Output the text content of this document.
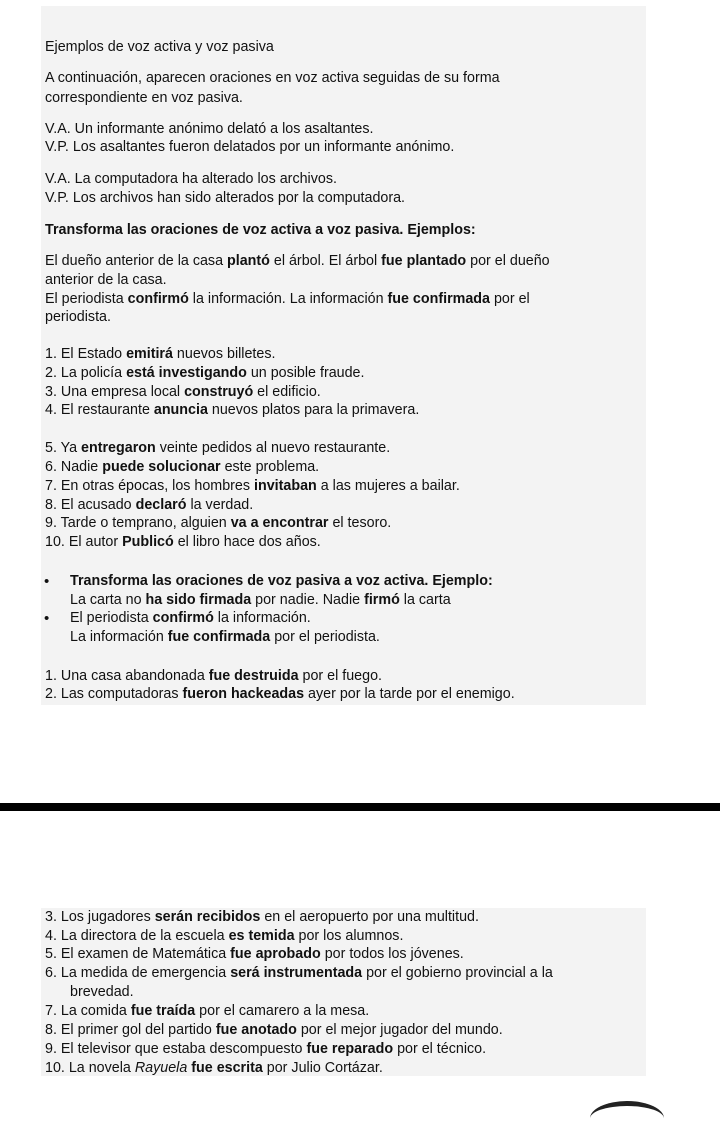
Ejemplos de voz activa y voz pasiva
A continuación, aparecen oraciones en voz activa seguidas de su forma
correspondiente en voz pasiva.
V.A. Un informante anónimo delató a los asaltantes.
V.P. Los asaltantes fueron delatados por un informante anónimo.
V.A. La computadora ha alterado los archivos.
V.P. Los archivos han sido alterados por la computadora.
Transforma las oraciones de voz activa a voz pasiva. Ejemplos:
El dueño anterior de la casa plantó el árbol. El árbol fue plantado por el dueño
anterior de la casa.
El periodista confirmó la información. La información fue confirmada por el
periodista.
1. El Estado emitirá nuevos billetes.
2. La policía está investigando un posible fraude.
3. Una empresa local construyó el edificio.
4. El restaurante anuncia nuevos platos para la primavera.
5. Ya entregaron veinte pedidos al nuevo restaurante.
6. Nadie puede solucionar este problema.
7. En otras épocas, los hombres invitaban a las mujeres a bailar.
8. El acusado declaró la verdad.
9. Tarde o temprano, alguien va a encontrar el tesoro.
10. El autor Publicó el libro hace dos años.
Transforma las oraciones de voz pasiva a voz activa. Ejemplo:
•
La carta no ha sido firmada por nadie. Nadie firmó la carta
El periodista confirmó la información.
•
La información fue confirmada por el periodista.
1. Una casa abandonada fue destruida por el fuego.
2. Las computadoras fueron hackeadas ayer por la tarde por el enemigo.
3. Los jugadores serán recibidos en el aeropuerto por una multitud.
4. La directora de la escuela es temida por los alumnos.
5. El examen de Matemática fue aprobado por todos los jóvenes.
6. La medida de emergencia será instrumentada por el gobierno provincial a la
brevedad.
7. La comida fue traída por el camarero a la mesa.
8. El primer gol del partido fue anotado por el mejor jugador del mundo.
9. El televisor que estaba descompuesto fue reparado por el técnico.
10. La novela Rayuela fue escrita por Julio Cortázar.
